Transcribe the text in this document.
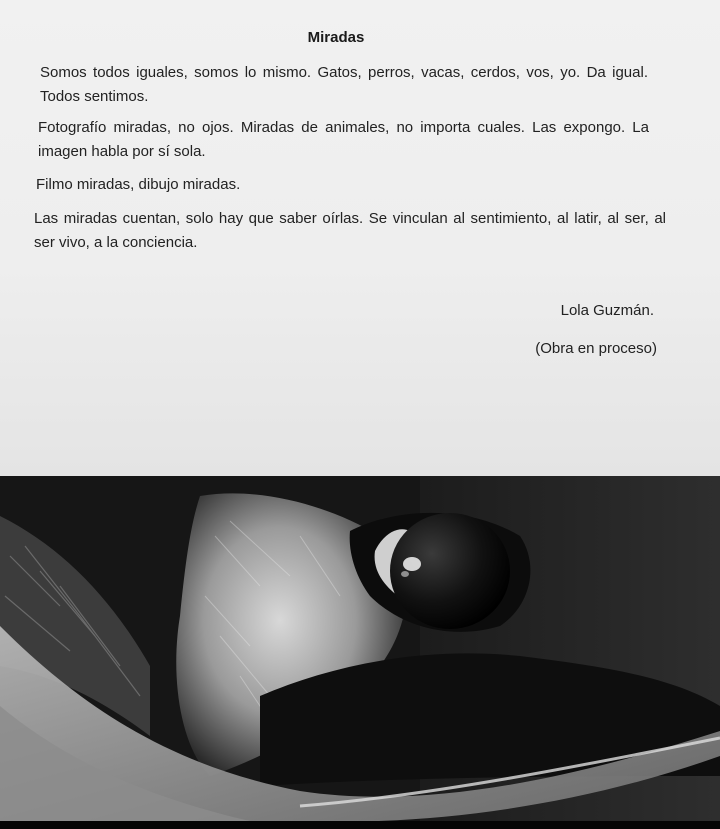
Miradas

Somos todos iguales, somos lo mismo. Gatos, perros, vacas, cerdos, vos, yo. Da igual. Todos sentimos.

Fotografío miradas, no ojos. Miradas de animales, no importa cuales. Las expongo. La imagen habla por sí sola.

Filmo miradas, dibujo miradas.

Las miradas cuentan, solo hay que saber oírlas. Se vinculan al sentimiento, al latir, al ser, al ser vivo, a la conciencia.

Lola Guzmán.
(Obra en proceso)
